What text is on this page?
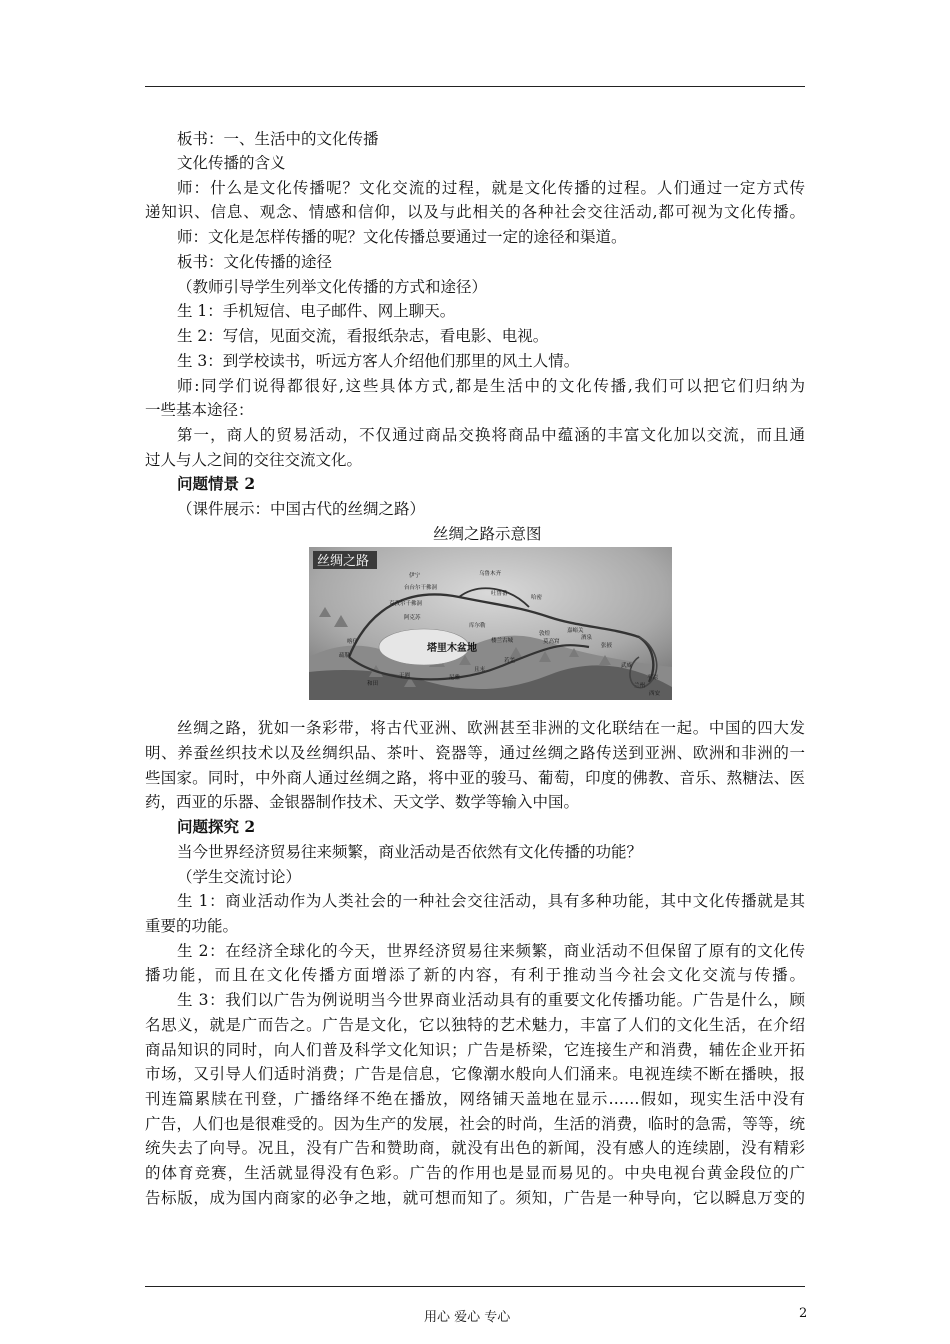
板书：一、生活中的文化传播
文化传播的含义
师：什么是文化传播呢？文化交流的过程，就是文化传播的过程。人们通过一定方式传
递知识、信息、观念、情感和信仰，以及与此相关的各种社会交往活动,都可视为文化传播。
师：文化是怎样传播的呢？文化传播总要通过一定的途径和渠道。
板书：文化传播的途径
（教师引导学生列举文化传播的方式和途径）
生 1：手机短信、电子邮件、网上聊天。
生 2：写信，见面交流，看报纸杂志，看电影、电视。
生 3：到学校读书，听远方客人介绍他们那里的风土人情。
师:同学们说得都很好,这些具体方式,都是生活中的文化传播,我们可以把它们归纳为
一些基本途径：
第一，商人的贸易活动，不仅通过商品交换将商品中蕴涵的丰富文化加以交流，而且通
过人与人之间的交往交流文化。
问题情景 2
（课件展示：中国古代的丝绸之路）
丝绸之路示意图
丝绸之路
塔里木盆地
伊宁
台台尔干佛洞
克孜尔千佛洞
阿克苏
库尔勒
吐鲁番
哈密
楼兰古城
敦煌	嘉峪关
酒泉
张掖
武威
兰州
西安
平凉
喀什
和田
尼雅
于阗
且末
若羌
乌鲁木齐
莫高窟
疏勒
丝绸之路，犹如一条彩带，将古代亚洲、欧洲甚至非洲的文化联结在一起。中国的四大发
明、养蚕丝织技术以及丝绸织品、茶叶、瓷器等，通过丝绸之路传送到亚洲、欧洲和非洲的一
些国家。同时，中外商人通过丝绸之路，将中亚的骏马、葡萄，印度的佛教、音乐、熬糖法、医
药，西亚的乐器、金银器制作技术、天文学、数学等输入中国。
问题探究 2
当今世界经济贸易往来频繁，商业活动是否依然有文化传播的功能？
（学生交流讨论）
生 1：商业活动作为人类社会的一种社会交往活动，具有多种功能，其中文化传播就是其
重要的功能。
生 2：在经济全球化的今天，世界经济贸易往来频繁，商业活动不但保留了原有的文化传
播功能，而且在文化传播方面增添了新的内容，有利于推动当今社会文化交流与传播。
生 3：我们以广告为例说明当今世界商业活动具有的重要文化传播功能。广告是什么，顾
名思义，就是广而告之。广告是文化，它以独特的艺术魅力，丰富了人们的文化生活，在介绍
商品知识的同时，向人们普及科学文化知识；广告是桥梁，它连接生产和消费，辅佐企业开拓
市场，又引导人们适时消费；广告是信息，它像潮水般向人们涌来。电视连续不断在播映，报
刊连篇累牍在刊登，广播络绎不绝在播放，网络铺天盖地在显示……假如，现实生活中没有
广告，人们也是很难受的。因为生产的发展，社会的时尚，生活的消费，临时的急需，等等，统
统失去了向导。况且，没有广告和赞助商，就没有出色的新闻，没有感人的连续剧，没有精彩
的体育竞赛，生活就显得没有色彩。广告的作用也是显而易见的。中央电视台黄金段位的广
告标版，成为国内商家的必争之地，就可想而知了。须知，广告是一种导向，它以瞬息万变的
用心 爱心 专心	2
